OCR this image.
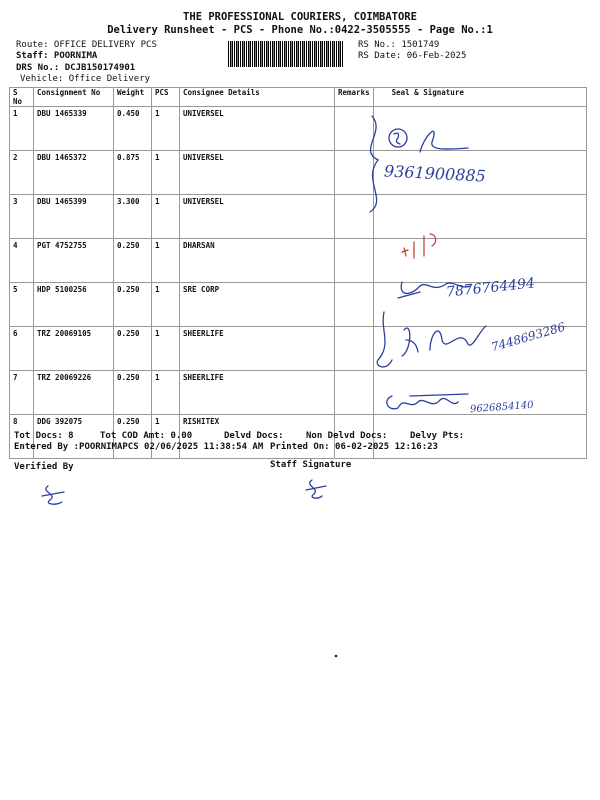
THE PROFESSIONAL COURIERS, COIMBATORE
Delivery Runsheet - PCS - Phone No.:0422-3505555 - Page No.:1
Route: OFFICE DELIVERY PCS
Staff: POORNIMA
DRS No.: DCJB150174901
Vehicle: Office Delivery
RS No.: 1501749
RS Date: 06-Feb-2025
S No	Consignment No	Weight	PCS	Consignee Details	Remarks	Seal & Signature
1	DBU 1465339	0.450	1	UNIVERSEL		
2	DBU 1465372	0.875	1	UNIVERSEL		
3	DBU 1465399	3.300	1	UNIVERSEL		
4	PGT 4752755	0.250	1	DHARSAN		
5	HDP 5100256	0.250	1	SRE CORP		
6	TRZ 20069105	0.250	1	SHEERLIFE		
7	TRZ 20069226	0.250	1	SHEERLIFE		
8	DDG 392075	0.250	1	RISHITEX		
Tot Docs: 8	Tot COD Amt: 0.00	Delvd Docs: Non Delvd Docs:	Delvy Pts:
Entered By :POORNIMAPCS 02/06/2025 11:38:54 AM Printed On: 06-02-2025 12:16:23
Verified By	Staff Signature
9361900885
7876764494
7448693286
9626854140
